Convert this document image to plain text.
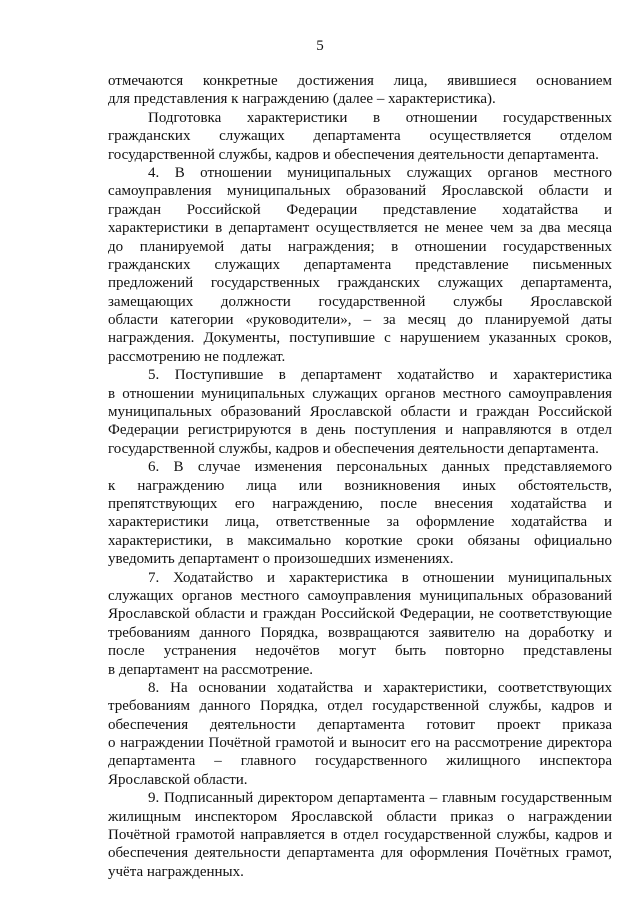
5
отмечаются конкретные достижения лица, явившиеся основанием
для представления к награждению (далее – характеристика).
Подготовка характеристики в отношении государственных
гражданских служащих департамента осуществляется отделом
государственной службы, кадров и обеспечения деятельности департамента.
4. В отношении муниципальных служащих органов местного
самоуправления муниципальных образований Ярославской области и
граждан Российской Федерации представление ходатайства и
характеристики в департамент осуществляется не менее чем за два месяца
до планируемой даты награждения; в отношении государственных
гражданских служащих департамента представление письменных
предложений государственных гражданских служащих департамента,
замещающих должности государственной службы Ярославской
области категории «руководители», – за месяц до планируемой даты
награждения. Документы, поступившие с нарушением указанных сроков,
рассмотрению не подлежат.
5. Поступившие в департамент ходатайство и характеристика
в отношении муниципальных служащих органов местного самоуправления
муниципальных образований Ярославской области и граждан Российской
Федерации регистрируются в день поступления и направляются в отдел
государственной службы, кадров и обеспечения деятельности департамента.
6. В случае изменения персональных данных представляемого
к награждению лица или возникновения иных обстоятельств,
препятствующих его награждению, после внесения ходатайства и
характеристики лица, ответственные за оформление ходатайства и
характеристики, в максимально короткие сроки обязаны официально
уведомить департамент о произошедших изменениях.
7. Ходатайство и характеристика в отношении муниципальных
служащих органов местного самоуправления муниципальных образований
Ярославской области и граждан Российской Федерации, не соответствующие
требованиям данного Порядка, возвращаются заявителю на доработку и
после устранения недочётов могут быть повторно представлены
в департамент на рассмотрение.
8. На основании ходатайства и характеристики, соответствующих
требованиям данного Порядка, отдел государственной службы, кадров и
обеспечения деятельности департамента готовит проект приказа
о награждении Почётной грамотой и выносит его на рассмотрение директора
департамента – главного государственного жилищного инспектора
Ярославской области.
9. Подписанный директором департамента – главным государственным
жилищным инспектором Ярославской области приказ о награждении
Почётной грамотой направляется в отдел государственной службы, кадров и
обеспечения деятельности департамента для оформления Почётных грамот,
учёта награжденных.
